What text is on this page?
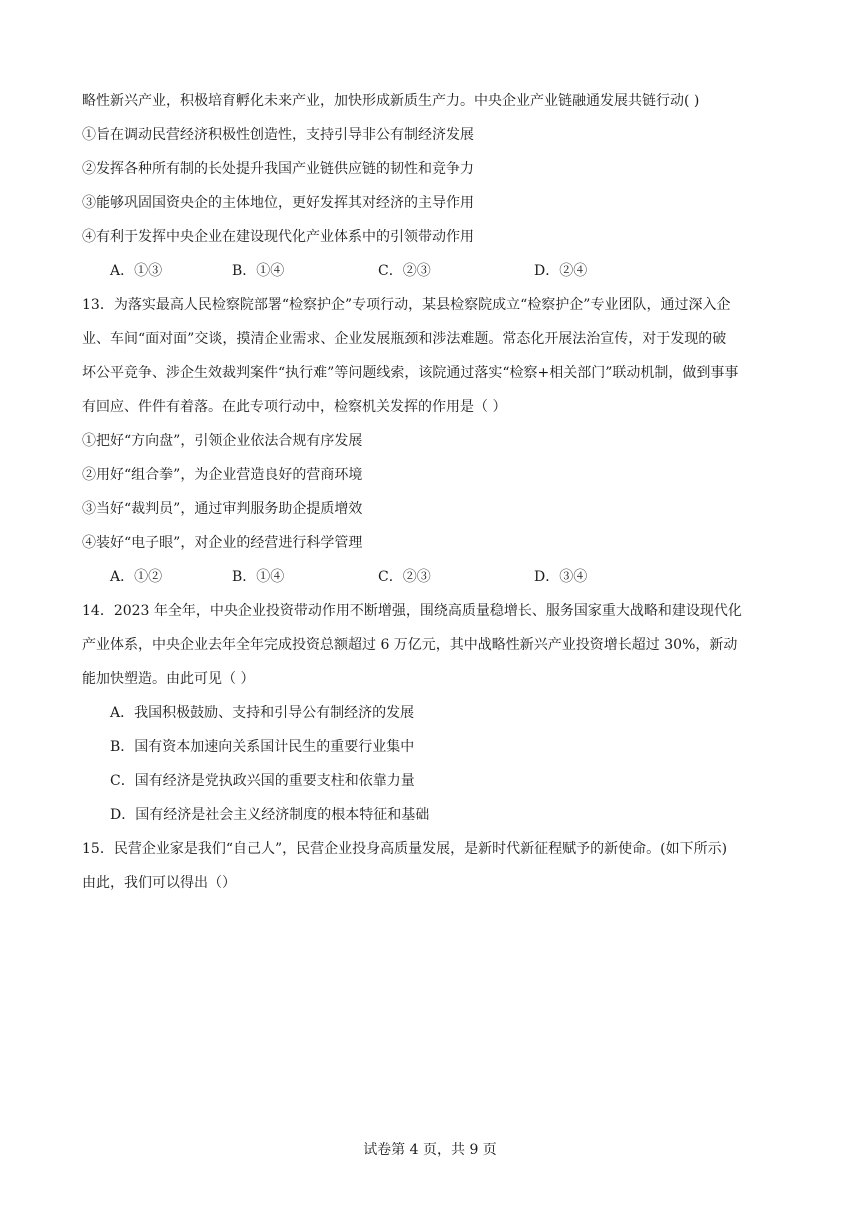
略性新兴产业，积极培育孵化未来产业，加快形成新质生产力。中央企业产业链融通发展共链行动( )
①旨在调动民营经济积极性创造性，支持引导非公有制经济发展
②发挥各种所有制的长处提升我国产业链供应链的韧性和竞争力
③能够巩固国资央企的主体地位，更好发挥其对经济的主导作用
④有利于发挥中央企业在建设现代化产业体系中的引领带动作用
A．①③	B．①④	C．②③	D．②④
13．为落实最高人民检察院部署“检察护企”专项行动，某县检察院成立“检察护企”专业团队，通过深入企
业、车间“面对面”交谈，摸清企业需求、企业发展瓶颈和涉法难题。常态化开展法治宣传，对于发现的破
坏公平竞争、涉企生效裁判案件“执行难”等问题线索，该院通过落实“检察+相关部门”联动机制，做到事事
有回应、件件有着落。在此专项行动中，检察机关发挥的作用是（ ）
①把好“方向盘”，引领企业依法合规有序发展
②用好“组合拳”，为企业营造良好的营商环境
③当好“裁判员”，通过审判服务助企提质增效
④装好“电子眼”，对企业的经营进行科学管理
A．①②	B．①④	C．②③	D．③④
14．2023 年全年，中央企业投资带动作用不断增强，围绕高质量稳增长、服务国家重大战略和建设现代化
产业体系，中央企业去年全年完成投资总额超过 6 万亿元，其中战略性新兴产业投资增长超过 30%，新动
能加快塑造。由此可见（ ）
A．我国积极鼓励、支持和引导公有制经济的发展
B．国有资本加速向关系国计民生的重要行业集中
C．国有经济是党执政兴国的重要支柱和依靠力量
D．国有经济是社会主义经济制度的根本特征和基础
15．民营企业家是我们“自己人”，民营企业投身高质量发展，是新时代新征程赋予的新使命。(如下所示)
由此，我们可以得出（）
试卷第 4 页，共 9 页
